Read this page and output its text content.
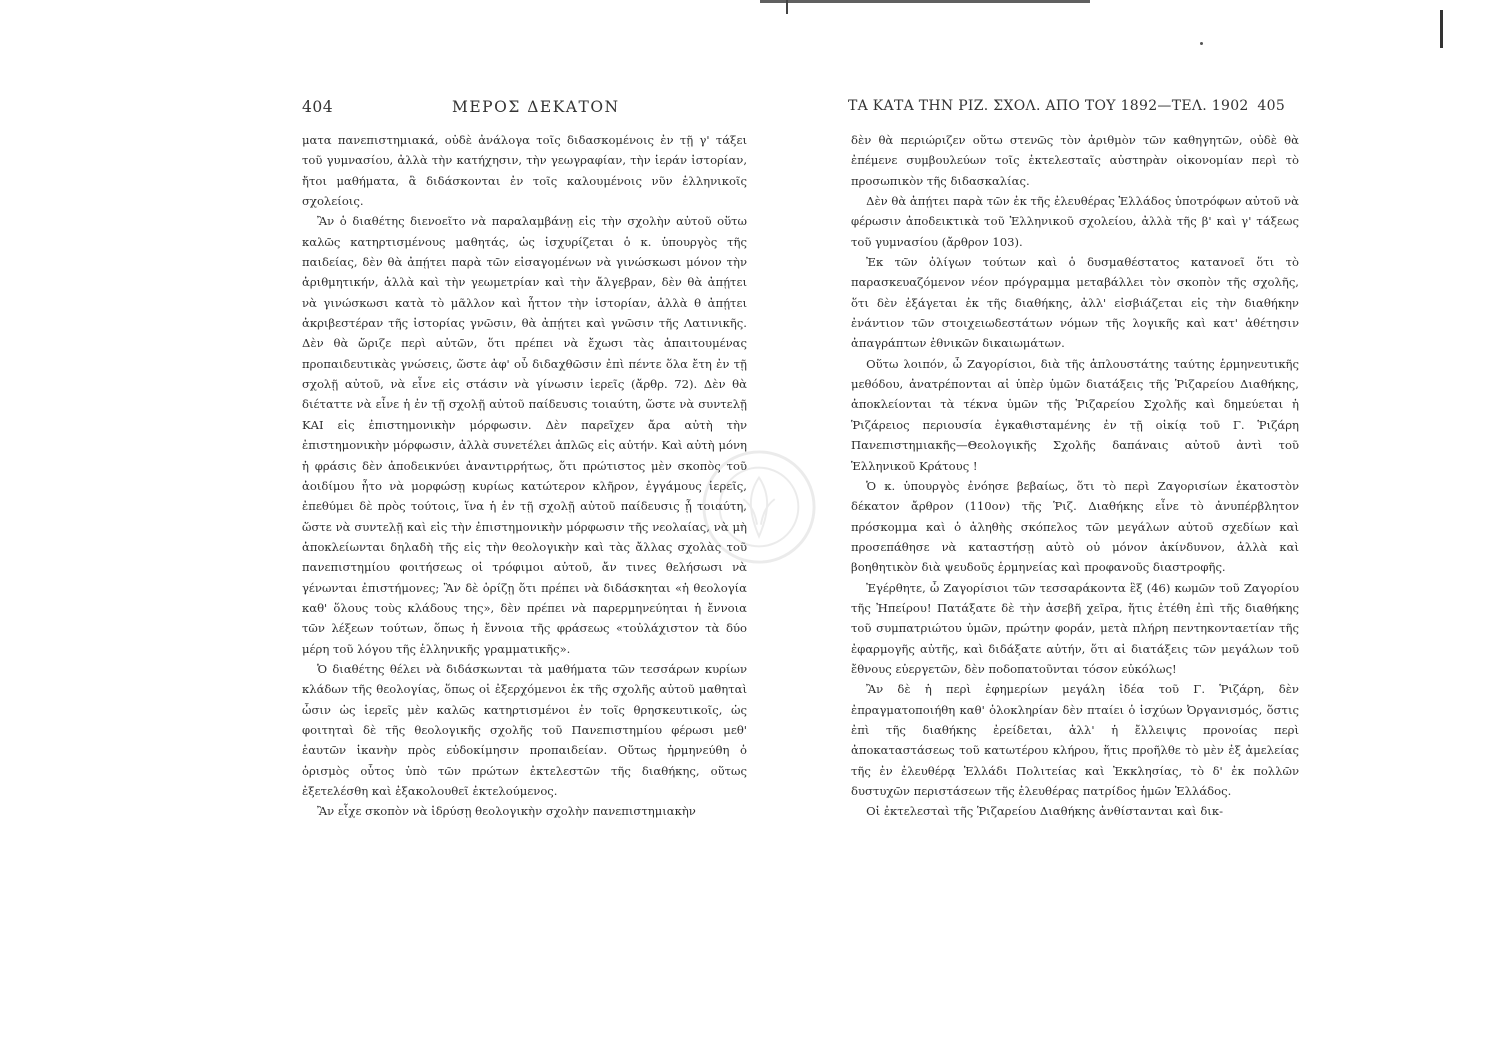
404	ΜΕΡΟΣ ΔΕΚΑΤΟΝ

ματα πανεπιστημιακά, οὐδὲ ἀνάλογα τοῖς διδασκομένοις ἐν τῇ γ' τάξει τοῦ γυμνασίου, ἀλλὰ τὴν κατήχησιν, τὴν γεωγραφίαν, τὴν ἱεράν ἱστορίαν, ἤτοι μαθήματα, ἃ διδάσκονται ἐν τοῖς καλουμένοις νῦν ἑλληνικοῖς σχολείοις.

Ἂν ὁ διαθέτης διενοεῖτο νὰ παραλαμβάνῃ εἰς τὴν σχολὴν αὐτοῦ οὕτω καλῶς κατηρτισμένους μαθητάς, ὡς ἰσχυρίζεται ὁ κ. ὑπουργὸς τῆς παιδείας, δὲν θὰ ἀπῄτει παρὰ τῶν εἰσαγομένων νὰ γινώσκωσι μόνον τὴν ἀριθμητικήν, ἀλλὰ καὶ τὴν γεωμετρίαν καὶ τὴν ἄλγεβραν, δὲν θὰ ἀπῄτει νὰ γινώσκωσι κατὰ τὸ μᾶλλον καὶ ἧττον τὴν ἱστορίαν, ἀλλὰ θ ἀπῄτει ἀκριβεστέραν τῆς ἱστορίας γνῶσιν, θὰ ἀπῄτει καὶ γνῶσιν τῆς Λατινικῆς. Δὲν θὰ ὥριζε περὶ αὐτῶν, ὅτι πρέπει νὰ ἔχωσι τὰς ἀπαιτουμένας προπαιδευτικὰς γνώσεις, ὥστε ἀφ' οὗ διδαχθῶσιν ἐπὶ πέντε ὅλα ἔτη ἐν τῇ σχολῇ αὐτοῦ, νὰ εἶνε εἰς στάσιν νὰ γίνωσιν ἱερεῖς (ἄρθρ. 72). Δὲν θὰ διέταττε νὰ εἶνε ἡ ἐν τῇ σχολῇ αὐτοῦ παίδευσις τοιαύτη, ὥστε νὰ συντελῇ ΚΑΙ εἰς ἐπιστημονικὴν μόρφωσιν. Δὲν παρεῖχεν ἄρα αὐτὴ τὴν ἐπιστημονικὴν μόρφωσιν, ἀλλὰ συνετέλει ἁπλῶς εἰς αὐτήν. Καὶ αὐτὴ μόνη ἡ φράσις δὲν ἀποδεικνύει ἀναντιρρήτως, ὅτι πρώτιστος μὲν σκοπὸς τοῦ ἀοιδίμου ἦτο νὰ μορφώσῃ κυρίως κατώτερον κλῆρον, ἐγγάμους ἱερεῖς, ἐπεθύμει δὲ πρὸς τούτοις, ἵνα ἡ ἐν τῇ σχολῇ αὐτοῦ παίδευσις ᾖ τοιαύτη, ὥστε νὰ συντελῇ καὶ εἰς τὴν ἐπιστημονικὴν μόρφωσιν τῆς νεολαίας, νὰ μὴ ἀποκλείωνται δηλαδὴ τῆς εἰς τὴν θεολογικὴν καὶ τὰς ἄλλας σχολὰς τοῦ πανεπιστημίου φοιτήσεως οἱ τρόφιμοι αὐτοῦ, ἄν τινες θελήσωσι νὰ γένωνται ἐπιστήμονες; Ἂν δὲ ὁρίζῃ ὅτι πρέπει νὰ διδάσκηται «ἡ θεολογία καθ' ὅλους τοὺς κλάδους της», δὲν πρέπει νὰ παρερμηνεύηται ἡ ἔννοια τῶν λέξεων τούτων, ὅπως ἡ ἔννοια τῆς φράσεως «τοὐλάχιστον τὰ δύο μέρη τοῦ λόγου τῆς ἑλληνικῆς γραμματικῆς».

Ὁ διαθέτης θέλει νὰ διδάσκωνται τὰ μαθήματα τῶν τεσσάρων κυρίων κλάδων τῆς θεολογίας, ὅπως οἱ ἐξερχόμενοι ἐκ τῆς σχολῆς αὐτοῦ μαθηταὶ ὦσιν ὡς ἱερεῖς μὲν καλῶς κατηρτισμένοι ἐν τοῖς θρησκευτικοῖς, ὡς φοιτηταὶ δὲ τῆς θεολογικῆς σχολῆς τοῦ Πανεπιστημίου φέρωσι μεθ' ἑαυτῶν ἱκανὴν πρὸς εὐδοκίμησιν προπαιδείαν. Οὕτως ἡρμηνεύθη ὁ ὁρισμὸς οὗτος ὑπὸ τῶν πρώτων ἐκτελεστῶν τῆς διαθήκης, οὕτως ἐξετελέσθη καὶ ἐξακολουθεῖ ἐκτελούμενος.

Ἂν εἶχε σκοπὸν νὰ ἱδρύσῃ θεολογικὴν σχολὴν πανεπιστημιακὴν

ΤΑ ΚΑΤΑ ΤΗΝ ΡΙΖ. ΣΧΟΛ. ΑΠΟ ΤΟΥ 1892—ΤΕΛ. 1902 405

δὲν θὰ περιώριζεν οὕτω στενῶς τὸν ἀριθμὸν τῶν καθηγητῶν, οὐδὲ θὰ ἐπέμενε συμβουλεύων τοῖς ἐκτελεσταῖς αὐστηρὰν οἰκονομίαν περὶ τὸ προσωπικὸν τῆς διδασκαλίας.

Δὲν θὰ ἀπῄτει παρὰ τῶν ἐκ τῆς ἐλευθέρας Ἑλλάδος ὑποτρόφων αὐτοῦ νὰ φέρωσιν ἀποδεικτικὰ τοῦ Ἑλληνικοῦ σχολείου, ἀλλὰ τῆς β' καὶ γ' τάξεως τοῦ γυμνασίου (ἄρθρον 103).

Ἐκ τῶν ὀλίγων τούτων καὶ ὁ δυσμαθέστατος κατανοεῖ ὅτι τὸ παρασκευαζόμενον νέον πρόγραμμα μεταβάλλει τὸν σκοπὸν τῆς σχολῆς, ὅτι δὲν ἐξάγεται ἐκ τῆς διαθήκης, ἀλλ' εἰσβιάζεται εἰς τὴν διαθήκην ἐνάντιον τῶν στοιχειωδεστάτων νόμων τῆς λογικῆς καὶ κατ' ἀθέτησιν ἀπαγράπτων ἐθνικῶν δικαιωμάτων.

Οὕτω λοιπόν, ὦ Ζαγορίσιοι, διὰ τῆς ἁπλουστάτης ταύτης ἑρμηνευτικῆς μεθόδου, ἀνατρέπονται αἱ ὑπὲρ ὑμῶν διατάξεις τῆς Ῥιζαρείου Διαθήκης, ἀποκλείονται τὰ τέκνα ὑμῶν τῆς Ῥιζαρείου Σχολῆς καὶ δημεύεται ἡ Ῥιζάρειος περιουσία ἐγκαθισταμένης ἐν τῇ οἰκίᾳ τοῦ Γ. Ῥιζάρη Πανεπιστημιακῆς—Θεολογικῆς Σχολῆς δαπάναις αὐτοῦ ἀντὶ τοῦ Ἑλληνικοῦ Κράτους !

Ὁ κ. ὑπουργὸς ἐνόησε βεβαίως, ὅτι τὸ περὶ Ζαγορισίων ἑκατοστὸν δέκατον ἄρθρον (110ον) τῆς Ῥιζ. Διαθήκης εἶνε τὸ ἀνυπέρβλητον πρόσκομμα καὶ ὁ ἀληθὴς σκόπελος τῶν μεγάλων αὐτοῦ σχεδίων καὶ προσεπάθησε νὰ καταστήσῃ αὐτὸ οὐ μόνον ἀκίνδυνον, ἀλλὰ καὶ βοηθητικὸν διὰ ψευδοῦς ἑρμηνείας καὶ προφανοῦς διαστροφῆς.

Ἐγέρθητε, ὦ Ζαγορίσιοι τῶν τεσσαράκοντα ἓξ (46) κωμῶν τοῦ Ζαγορίου τῆς Ἠπείρου! Πατάξατε δὲ τὴν ἀσεβῆ χεῖρα, ἥτις ἐτέθη ἐπὶ τῆς διαθήκης τοῦ συμπατριώτου ὑμῶν, πρώτην φοράν, μετὰ πλήρη πεντηκονταετίαν τῆς ἐφαρμογῆς αὐτῆς, καὶ διδάξατε αὐτήν, ὅτι αἱ διατάξεις τῶν μεγάλων τοῦ ἔθνους εὐεργετῶν, δὲν ποδοπατοῦνται τόσον εὐκόλως!

Ἂν δὲ ἡ περὶ ἐφημερίων μεγάλη ἰδέα τοῦ Γ. Ῥιζάρη, δὲν ἐπραγματοποιήθη καθ' ὁλοκληρίαν δὲν πταίει ὁ ἰσχύων Ὀργανισμός, ὅστις ἐπὶ τῆς διαθήκης ἐρείδεται, ἀλλ' ἡ ἔλλειψις προνοίας περὶ ἀποκαταστάσεως τοῦ κατωτέρου κλήρου, ἥτις προῆλθε τὸ μὲν ἐξ ἀμελείας τῆς ἐν ἐλευθέρᾳ Ἑλλάδι Πολιτείας καὶ Ἐκκλησίας, τὸ δ' ἐκ πολλῶν δυστυχῶν περιστάσεων τῆς ἐλευθέρας πατρίδος ἡμῶν Ἑλλάδος.

Οἱ ἐκτελεσταὶ τῆς Ῥιζαρείου Διαθήκης ἀνθίστανται καὶ δικ-
